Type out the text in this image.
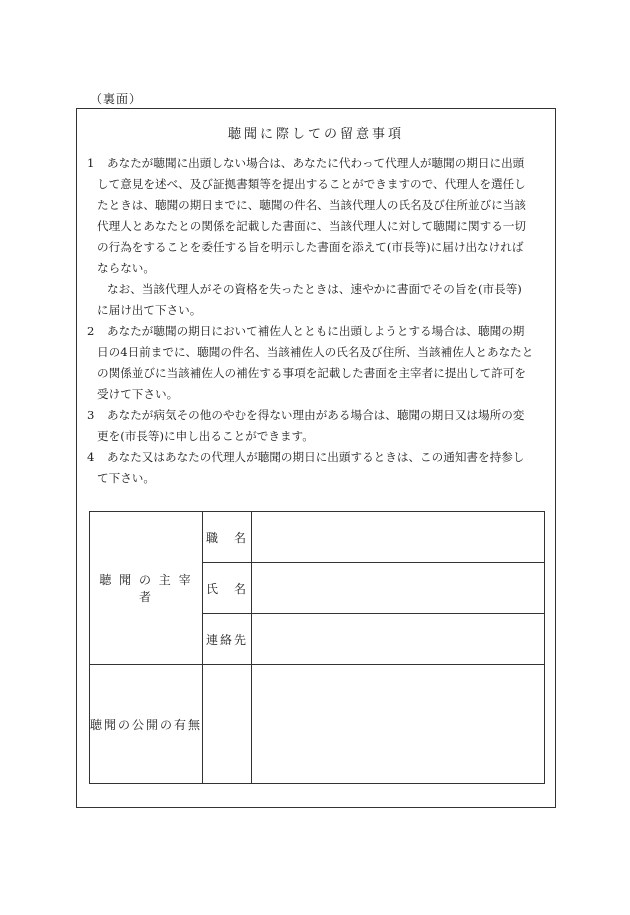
（裏面）
聴聞に際しての留意事項
1 あなたが聴聞に出頭しない場合は、あなたに代わって代理人が聴聞の期日に出頭
して意見を述べ、及び証拠書類等を提出することができますので、代理人を選任し
たときは、聴聞の期日までに、聴聞の件名、当該代理人の氏名及び住所並びに当該
代理人とあなたとの関係を記載した書面に、当該代理人に対して聴聞に関する一切
の行為をすることを委任する旨を明示した書面を添えて(市長等)に届け出なければ
ならない。
なお、当該代理人がその資格を失ったときは、速やかに書面でその旨を(市長等)
に届け出て下さい。
2 あなたが聴聞の期日において補佐人とともに出頭しようとする場合は、聴聞の期
日の4日前までに、聴聞の件名、当該補佐人の氏名及び住所、当該補佐人とあなたと
の関係並びに当該補佐人の補佐する事項を記載した書面を主宰者に提出して許可を
受けて下さい。
3 あなたが病気その他のやむを得ない理由がある場合は、聴聞の期日又は場所の変
更を(市長等)に申し出ることができます。
4 あなた又はあなたの代理人が聴聞の期日に出頭するときは、この通知書を持参し
て下さい。
聴 聞 の 主 宰 者	職　名	
	氏　名	
	連絡先	
聴聞の公開の有無		
